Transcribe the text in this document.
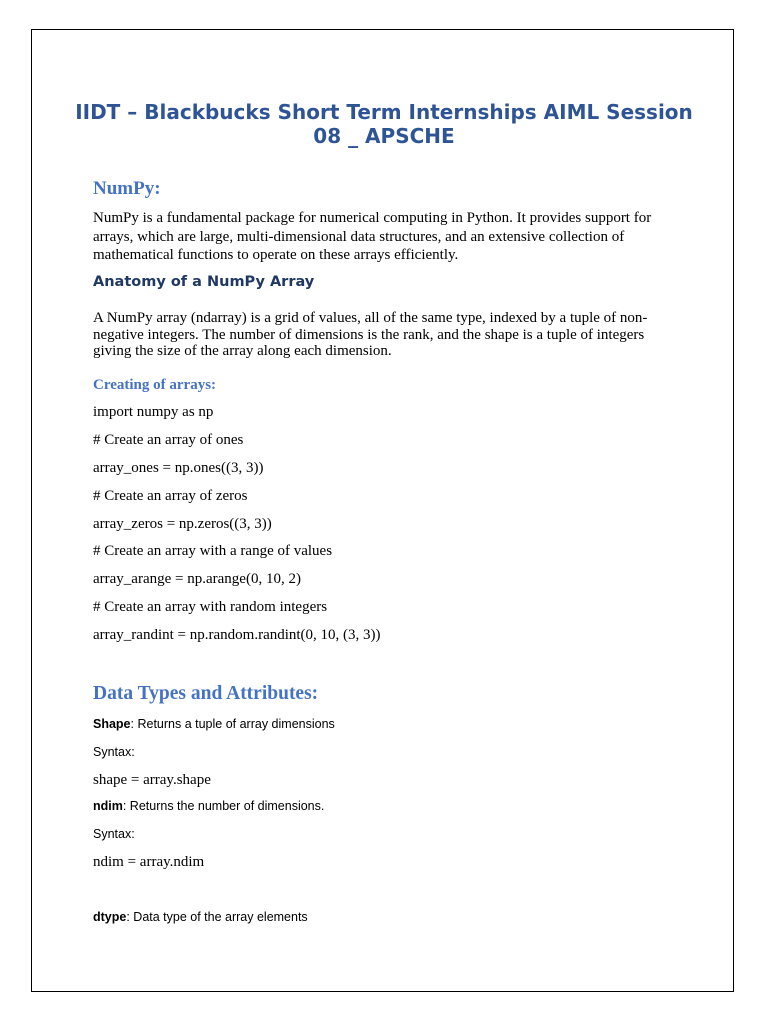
IIDT – Blackbucks Short Term Internships AIML Session 08 _ APSCHE
NumPy:

NumPy is a fundamental package for numerical computing in Python. It provides support for arrays, which are large, multi-dimensional data structures, and an extensive collection of mathematical functions to operate on these arrays efficiently.

Anatomy of a NumPy Array

A NumPy array (ndarray) is a grid of values, all of the same type, indexed by a tuple of non-negative integers. The number of dimensions is the rank, and the shape is a tuple of integers giving the size of the array along each dimension.

Creating of arrays:
import numpy as np
# Create an array of ones
array_ones = np.ones((3, 3))
# Create an array of zeros
array_zeros = np.zeros((3, 3))
# Create an array with a range of values
array_arange = np.arange(0, 10, 2)
# Create an array with random integers
array_randint = np.random.randint(0, 10, (3, 3))
Data Types and Attributes:
Shape: Returns a tuple of array dimensions
Syntax:
shape = array.shape
ndim: Returns the number of dimensions.
Syntax:
ndim = array.ndim
dtype: Data type of the array elements
